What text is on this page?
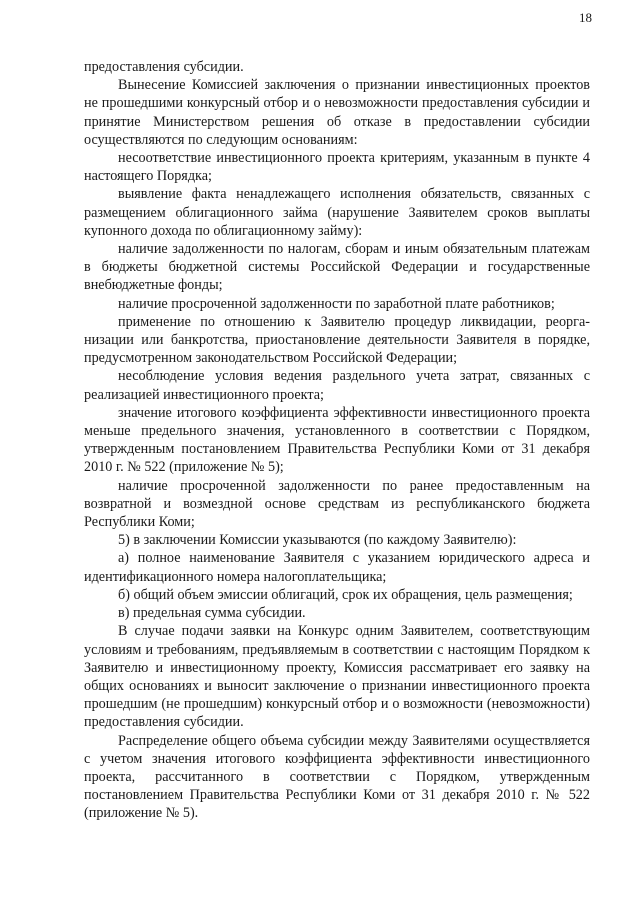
18

предоставления субсидии.

Вынесение Комиссией заключения о признании инвестиционных проектов не прошедшими конкурсный отбор и о невозможности предоставления субсидии и принятие Министерством решения об отказе в предоставлении субсидии осуществляются по следующим основаниям:

несоответствие инвестиционного проекта критериям, указанным в пункте 4 настоящего Порядка;

выявление факта ненадлежащего исполнения обязательств, связанных с размещением облигационного займа (нарушение Заявителем сроков выплаты купонного дохода по облигационному займу):

наличие задолженности по налогам, сборам и иным обязательным платежам в бюджеты бюджетной системы Российской Федерации и государственные внебюджетные фонды;

наличие просроченной задолженности по заработной плате работников;

применение по отношению к Заявителю процедур ликвидации, реорганизации или банкротства, приостановление деятельности Заявителя в порядке, предусмотренном законодательством Российской Федерации;

несоблюдение условия ведения раздельного учета затрат, связанных с реализацией инвестиционного проекта;

значение итогового коэффициента эффективности инвестиционного проекта меньше предельного значения, установленного в соответствии с Порядком, утвержденным постановлением Правительства Республики Коми от 31 декабря 2010 г. № 522 (приложение № 5);

наличие просроченной задолженности по ранее предоставленным на возвратной и возмездной основе средствам из республиканского бюджета Республики Коми;

5) в заключении Комиссии указываются (по каждому Заявителю):

а) полное наименование Заявителя с указанием юридического адреса и идентификационного номера налогоплательщика;

б) общий объем эмиссии облигаций, срок их обращения, цель размещения;

в) предельная сумма субсидии.

В случае подачи заявки на Конкурс одним Заявителем, соответствующим условиям и требованиям, предъявляемым в соответствии с настоящим Порядком к Заявителю и инвестиционному проекту, Комиссия рассматривает его заявку на общих основаниях и выносит заключение о признании инвестиционного проекта прошедшим (не прошедшим) конкурсный отбор и о возможности (невозможности) предоставления субсидии.

Распределение общего объема субсидии между Заявителями осуществляется с учетом значения итогового коэффициента эффективности инвестиционного проекта, рассчитанного в соответствии с Порядком, утвержденным постановлением Правительства Республики Коми от 31 декабря 2010 г. № 522 (приложение № 5).
